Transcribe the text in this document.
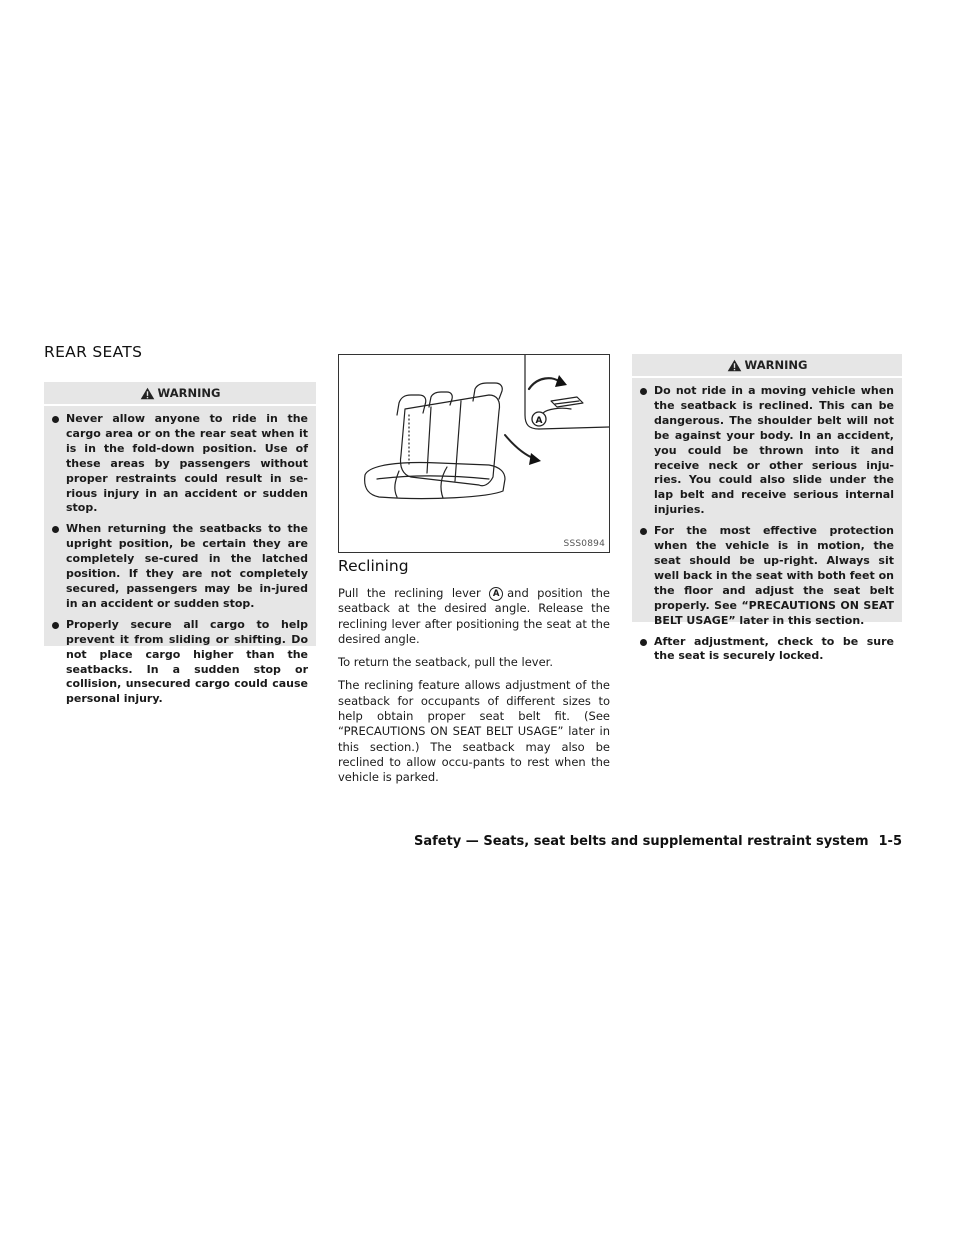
REAR SEATS
WARNING
Never allow anyone to ride in the cargo area or on the rear seat when it is in the fold-down position. Use of these areas by passengers without proper restraints could result in se-rious injury in an accident or sudden stop.
When returning the seatbacks to the upright position, be certain they are completely se-cured in the latched position. If they are not completely secured, passengers may be in-jured in an accident or sudden stop.
Properly secure all cargo to help prevent it from sliding or shifting. Do not place cargo higher than the seatbacks. In a sudden stop or collision, unsecured cargo could cause personal injury.
A
SSS0894
Reclining

Pull the reclining lever A and position the seatback at the desired angle. Release the reclining lever after positioning the seat at the desired angle.

To return the seatback, pull the lever.

The reclining feature allows adjustment of the seatback for occupants of different sizes to help obtain proper seat belt fit. (See “PRECAUTIONS ON SEAT BELT USAGE” later in this section.) The seatback may also be reclined to allow occu-pants to rest when the vehicle is parked.

WARNING
Do not ride in a moving vehicle when the seatback is reclined. This can be dangerous. The shoulder belt will not be against your body. In an accident, you could be thrown into it and receive neck or other serious inju-ries. You could also slide under the lap belt and receive serious internal injuries.
For the most effective protection when the vehicle is in motion, the seat should be up-right. Always sit well back in the seat with both feet on the floor and adjust the seat belt properly. See “PRECAUTIONS ON SEAT BELT USAGE” later in this section.
After adjustment, check to be sure the seat is securely locked.
Safety — Seats, seat belts and supplemental restraint system 1-5
